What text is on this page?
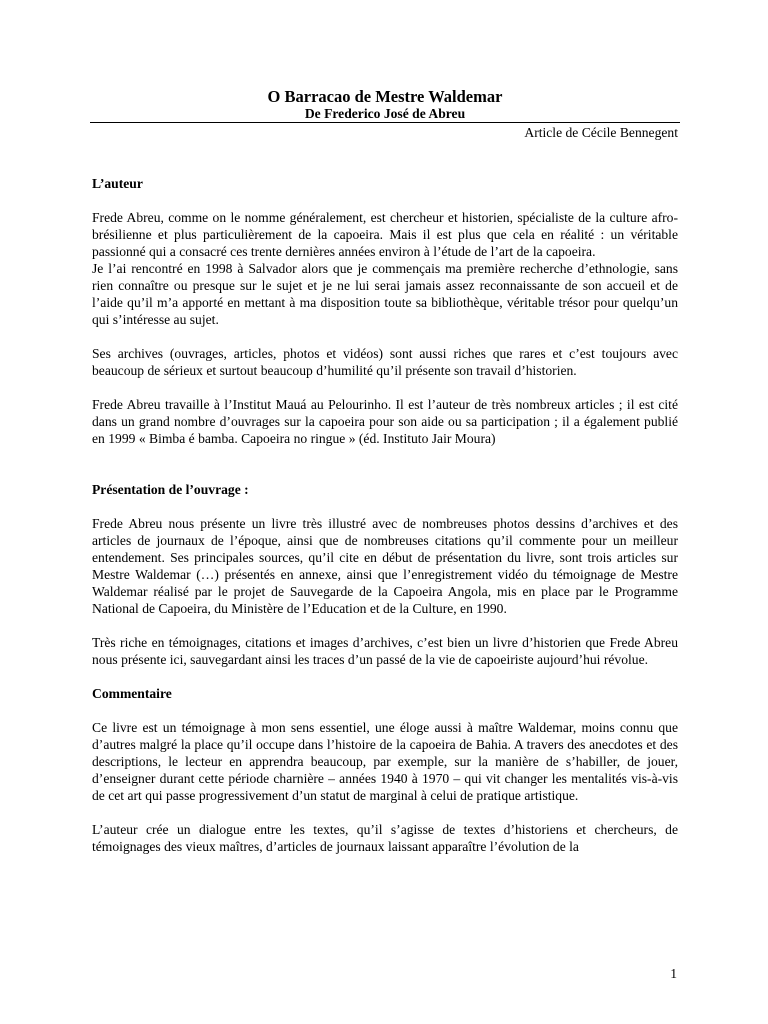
O Barracao de Mestre Waldemar
De Frederico José de Abreu
Article de Cécile Bennegent
L’auteur

Frede Abreu, comme on le nomme généralement, est chercheur et historien, spécialiste de la culture afro-brésilienne et plus particulièrement de la capoeira. Mais il est plus que cela en réalité : un véritable passionné qui a consacré ces trente dernières années environ à l’étude de l’art de la capoeira.

Je l’ai rencontré en 1998 à Salvador alors que je commençais ma première recherche d’ethnologie, sans rien connaître ou presque sur le sujet et je ne lui serai jamais assez reconnaissante de son accueil et de l’aide qu’il m’a apporté en mettant à ma disposition toute sa bibliothèque, véritable trésor pour quelqu’un qui s’intéresse au sujet.

Ses archives (ouvrages, articles, photos et vidéos) sont aussi riches que rares et c’est toujours avec beaucoup de sérieux et surtout beaucoup d’humilité qu’il présente son travail d’historien.

Frede Abreu travaille à l’Institut Mauá au Pelourinho. Il est l’auteur de très nombreux articles ; il est cité dans un grand nombre d’ouvrages sur la capoeira pour son aide ou sa participation ; il a également publié en 1999 « Bimba é bamba. Capoeira no ringue » (éd. Instituto Jair Moura)

Présentation de l’ouvrage :

Frede Abreu nous présente un livre très illustré avec de nombreuses photos dessins d’archives et des articles de journaux de l’époque, ainsi que de nombreuses citations qu’il commente pour un meilleur entendement. Ses principales sources, qu’il cite en début de présentation du livre, sont trois articles sur Mestre Waldemar (…) présentés en annexe, ainsi que l’enregistrement vidéo du témoignage de Mestre Waldemar réalisé par le projet de Sauvegarde de la Capoeira Angola, mis en place par le Programme National de Capoeira, du Ministère de l’Education et de la Culture, en 1990.

Très riche en témoignages, citations et images d’archives, c’est bien un livre d’historien que Frede Abreu nous présente ici, sauvegardant ainsi les traces d’un passé de la vie de capoeiriste aujourd’hui révolue.

Commentaire

Ce livre est un témoignage à mon sens essentiel, une éloge aussi à maître Waldemar, moins connu que d’autres malgré la place qu’il occupe dans l’histoire de la capoeira de Bahia. A travers des anecdotes et des descriptions, le lecteur en apprendra beaucoup, par exemple, sur la manière de s’habiller, de jouer, d’enseigner durant cette période charnière – années 1940 à 1970 – qui vit changer les mentalités vis-à-vis de cet art qui passe progressivement d’un statut de marginal à celui de pratique artistique.

L’auteur crée un dialogue entre les textes, qu’il s’agisse de textes d’historiens et chercheurs, de témoignages des vieux maîtres, d’articles de journaux laissant apparaître l’évolution de la

1
